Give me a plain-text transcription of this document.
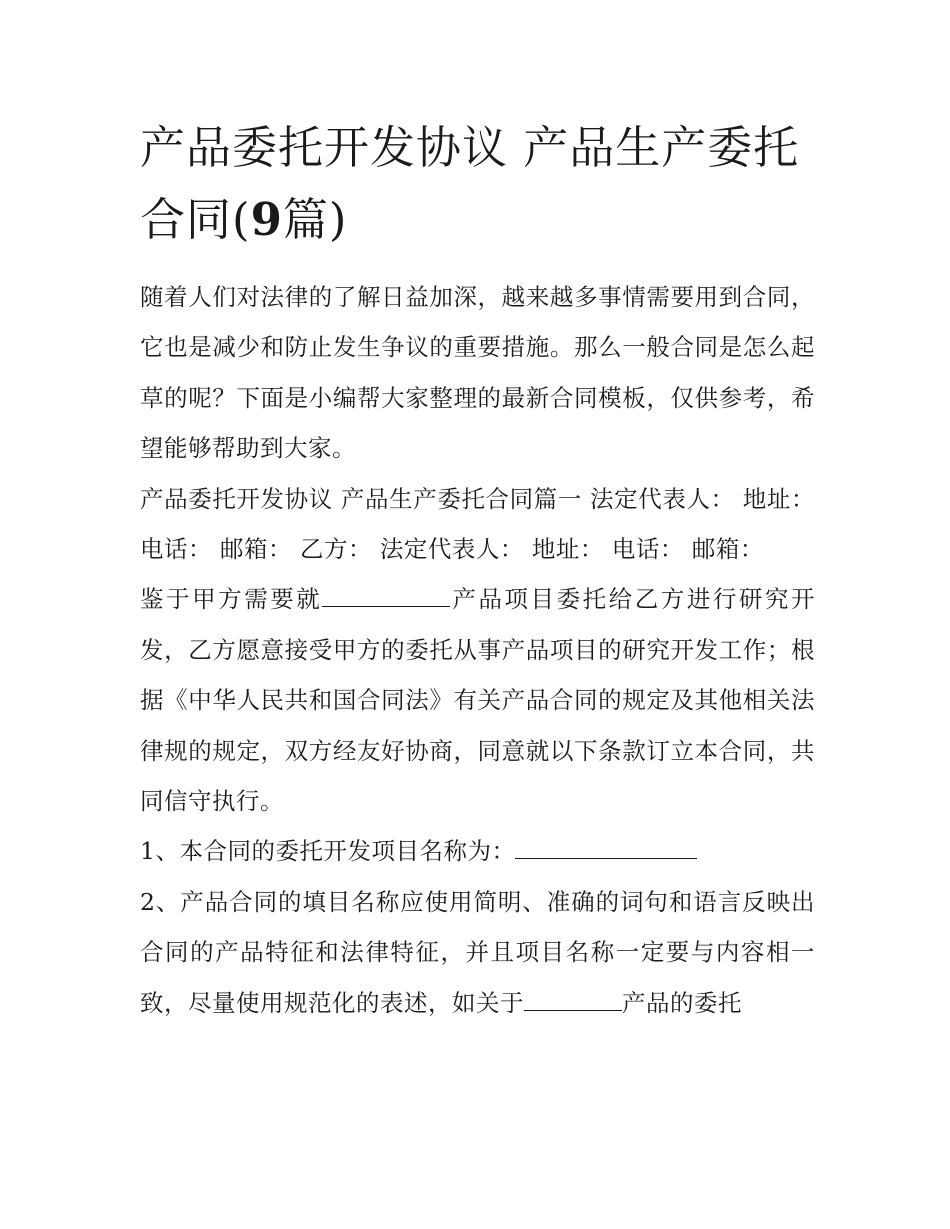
产品委托开发协议 产品生产委托合同(9篇)

随着人们对法律的了解日益加深，越来越多事情需要用到合同，它也是减少和防止发生争议的重要措施。那么一般合同是怎么起草的呢？下面是小编帮大家整理的最新合同模板，仅供参考，希望能够帮助到大家。

产品委托开发协议 产品生产委托合同篇一 法定代表人： 地址： 电话： 邮箱： 乙方： 法定代表人： 地址： 电话： 邮箱：

鉴于甲方需要就	产品项目委托给乙方进行研究开发，乙方愿意接受甲方的委托从事产品项目的研究开发工作；根据《中华人民共和国合同法》有关产品合同的规定及其他相关法律规的规定，双方经友好协商，同意就以下条款订立本合同，共同信守执行。

1、本合同的委托开发项目名称为：

2、产品合同的填目名称应使用简明、准确的词句和语言反映出合同的产品特征和法律特征，并且项目名称一定要与内容相一致，尽量使用规范化的表述，如关于	产品的委托
